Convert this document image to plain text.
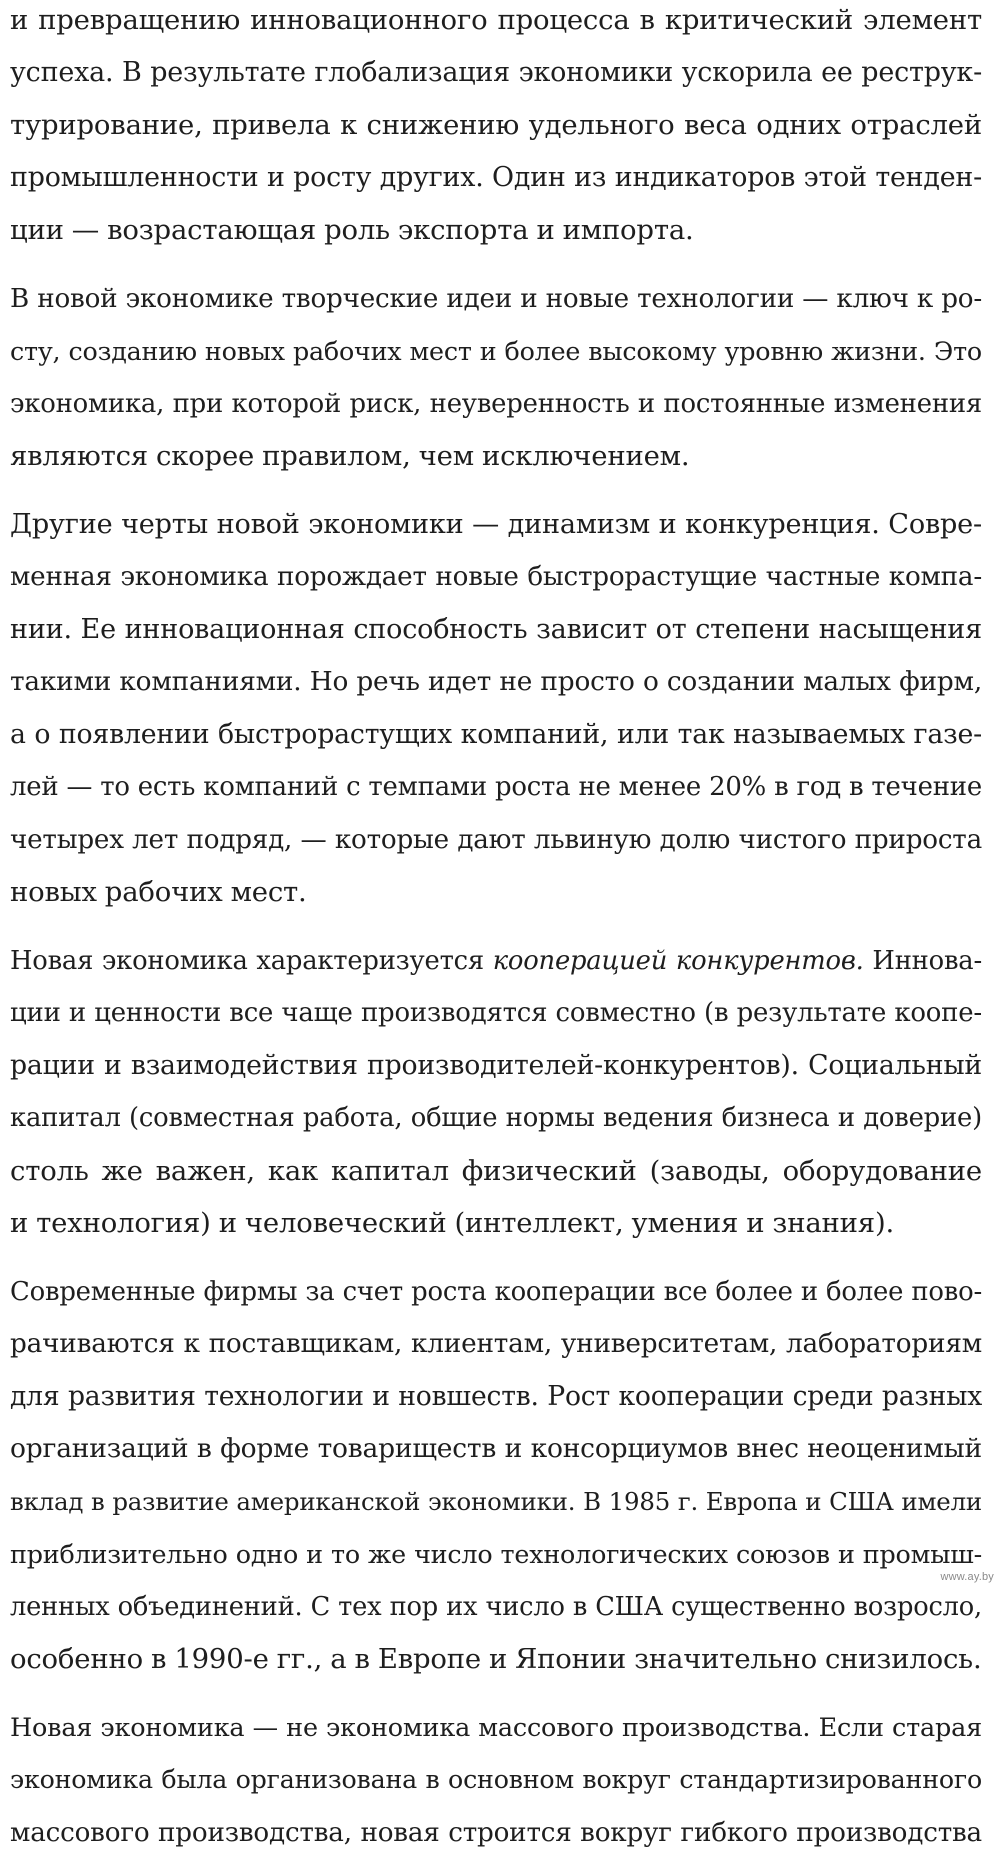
и превращению инновационного процесса в критический элемент
успеха. В результате глобализация экономики ускорила ее реструк-
турирование, привела к снижению удельного веса одних отраслей
промышленности и росту других. Один из индикаторов этой тенден-
ции — возрастающая роль экспорта и импорта.

В новой экономике творческие идеи и новые технологии — ключ к ро-
сту, созданию новых рабочих мест и более высокому уровню жизни. Это
экономика, при которой риск, неуверенность и постоянные изменения
являются скорее правилом, чем исключением.

Другие черты новой экономики — динамизм и конкуренция. Совре-
менная экономика порождает новые быстрорастущие частные компа-
нии. Ее инновационная способность зависит от степени насыщения
такими компаниями. Но речь идет не просто о создании малых фирм,
а о появлении быстрорастущих компаний, или так называемых газе-
лей — то есть компаний с темпами роста не менее 20% в год в течение
четырех лет подряд, — которые дают львиную долю чистого прироста
новых рабочих мест.

Новая экономика характеризуется кооперацией конкурентов. Иннова-
ции и ценности все чаще производятся совместно (в результате коопе-
рации и взаимодействия производителей-конкурентов). Социальный
капитал (совместная работа, общие нормы ведения бизнеса и доверие)
столь же важен, как капитал физический (заводы, оборудование
и технология) и человеческий (интеллект, умения и знания).

Современные фирмы за счет роста кооперации все более и более пово-
рачиваются к поставщикам, клиентам, университетам, лабораториям
для развития технологии и новшеств. Рост кооперации среди разных
организаций в форме товариществ и консорциумов внес неоценимый
вклад в развитие американской экономики. В 1985 г. Европа и США имели
приблизительно одно и то же число технологических союзов и промыш-
ленных объединений. С тех пор их число в США существенно возросло,
особенно в 1990-е гг., а в Европе и Японии значительно снизилось.

Новая экономика — не экономика массового производства. Если старая
экономика была организована в основном вокруг стандартизированного
массового производства, новая строится вокруг гибкого производства

www.ay.by
